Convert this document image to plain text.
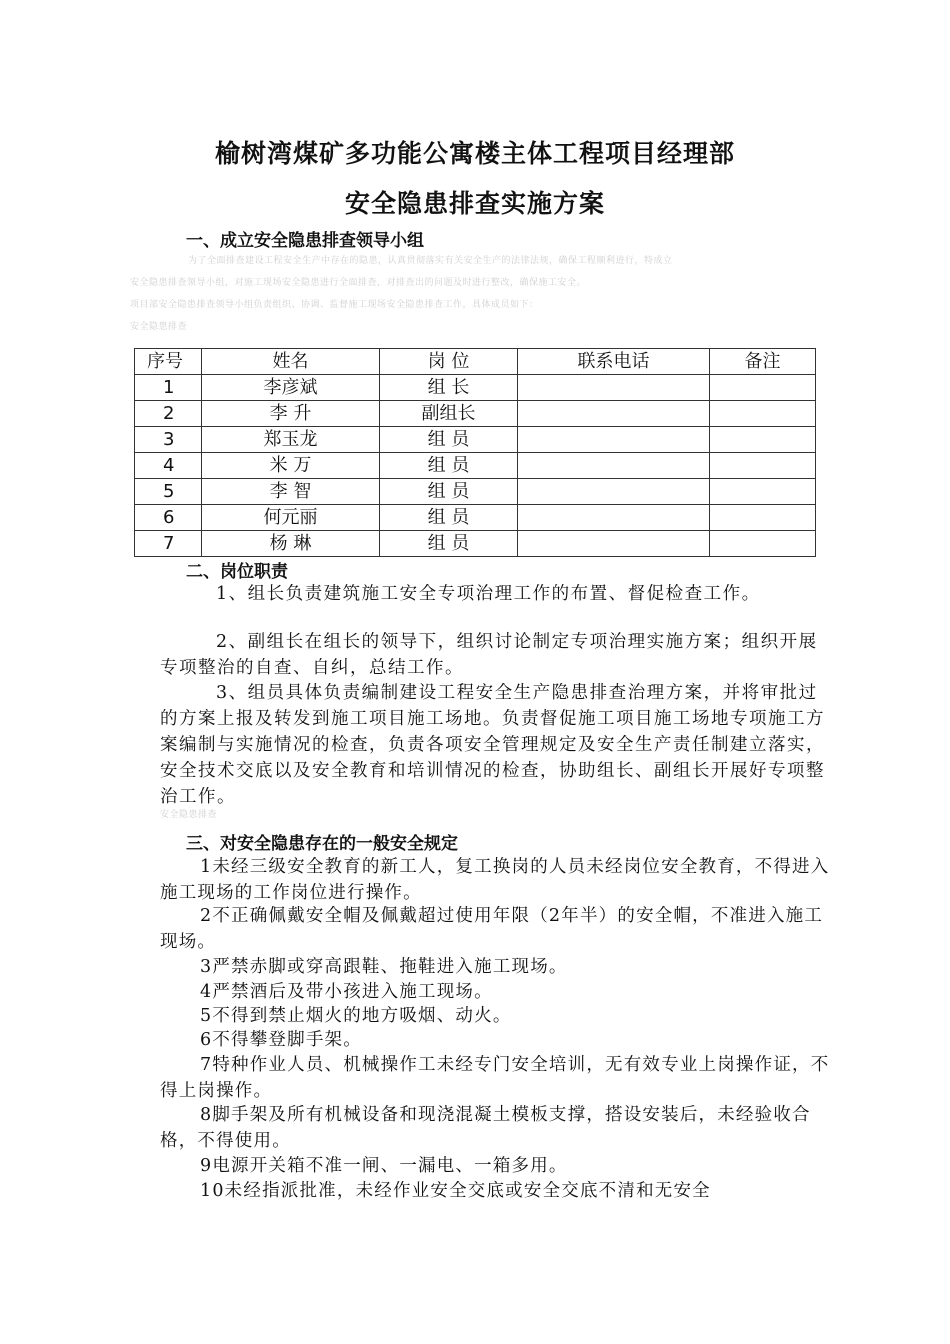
榆树湾煤矿多功能公寓楼主体工程项目经理部
安全隐患排查实施方案
一、成立安全隐患排查领导小组
为了全面排查建设工程安全生产中存在的隐患，认真贯彻落实有关安全生产的法律法规，确保工程顺利进行，特成立
安全隐患排查领导小组，对施工现场安全隐患进行全面排查，对排查出的问题及时进行整改，确保施工安全。
项目部安全隐患排查领导小组负责组织、协调、监督施工现场安全隐患排查工作，具体成员如下：
安全隐患排查
序号	姓名	岗 位	联系电话	备注
1	李彦斌	组 长		
2	李 升	副组长		
3	郑玉龙	组 员		
4	米 万	组 员		
5	李 智	组 员		
6	何元丽	组 员		
7	杨 琳	组 员		
二、岗位职责
1、组长负责建筑施工安全专项治理工作的布置、督促检查工作。
2、副组长在组长的领导下，组织讨论制定专项治理实施方案；组织开展专项整治的自查、自纠，总结工作。
3、组员具体负责编制建设工程安全生产隐患排查治理方案，并将审批过的方案上报及转发到施工项目施工场地。负责督促施工项目施工场地专项施工方案编制与实施情况的检查，负责各项安全管理规定及安全生产责任制建立落实，安全技术交底以及安全教育和培训情况的检查，协助组长、副组长开展好专项整治工作。
安全隐患排查
三、对安全隐患存在的一般安全规定
1未经三级安全教育的新工人，复工换岗的人员未经岗位安全教育，不得进入施工现场的工作岗位进行操作。
2不正确佩戴安全帽及佩戴超过使用年限（2年半）的安全帽，不准进入施工现场。
3严禁赤脚或穿高跟鞋、拖鞋进入施工现场。
4严禁酒后及带小孩进入施工现场。
5不得到禁止烟火的地方吸烟、动火。
6不得攀登脚手架。
7特种作业人员、机械操作工未经专门安全培训，无有效专业上岗操作证，不得上岗操作。
8脚手架及所有机械设备和现浇混凝土模板支撑，搭设安装后，未经验收合格，不得使用。
9电源开关箱不准一闸、一漏电、一箱多用。
10未经指派批准，未经作业安全交底或安全交底不清和无安全
